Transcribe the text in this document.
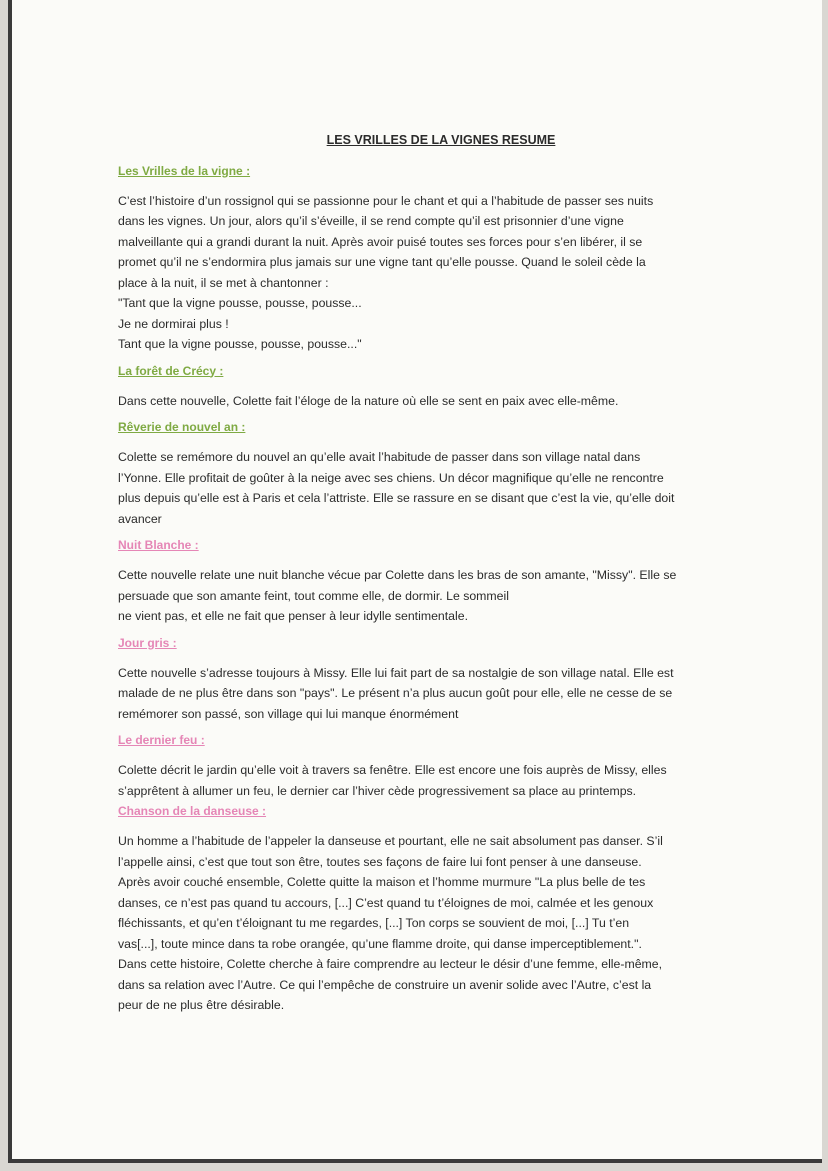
LES VRILLES DE LA VIGNES RESUME
Les Vrilles de la vigne :
C’est l’histoire d’un rossignol qui se passionne pour le chant et qui a l’habitude de passer ses nuits
dans les vignes. Un jour, alors qu’il s’éveille, il se rend compte qu’il est prisonnier d’une vigne
malveillante qui a grandi durant la nuit. Après avoir puisé toutes ses forces pour s’en libérer, il se
promet qu’il ne s’endormira plus jamais sur une vigne tant qu’elle pousse. Quand le soleil cède la
place à la nuit, il se met à chantonner :
"Tant que la vigne pousse, pousse, pousse...
Je ne dormirai plus !
Tant que la vigne pousse, pousse, pousse..."
La forêt de Crécy :
Dans cette nouvelle, Colette fait l’éloge de la nature où elle se sent en paix avec elle-même.
Rêverie de nouvel an :
Colette se remémore du nouvel an qu’elle avait l’habitude de passer dans son village natal dans
l’Yonne. Elle profitait de goûter à la neige avec ses chiens. Un décor magnifique qu’elle ne rencontre
plus depuis qu’elle est à Paris et cela l’attriste. Elle se rassure en se disant que c’est la vie, qu’elle doit
avancer
Nuit Blanche :
Cette nouvelle relate une nuit blanche vécue par Colette dans les bras de son amante, "Missy". Elle se
persuade que son amante feint, tout comme elle, de dormir. Le sommeil
ne vient pas, et elle ne fait que penser à leur idylle sentimentale.
Jour gris :
Cette nouvelle s’adresse toujours à Missy. Elle lui fait part de sa nostalgie de son village natal. Elle est
malade de ne plus être dans son "pays". Le présent n’a plus aucun goût pour elle, elle ne cesse de se
remémorer son passé, son village qui lui manque énormément
Le dernier feu :
Colette décrit le jardin qu’elle voit à travers sa fenêtre. Elle est encore une fois auprès de Missy, elles
s’apprêtent à allumer un feu, le dernier car l’hiver cède progressivement sa place au printemps.
Chanson de la danseuse :
Un homme a l’habitude de l’appeler la danseuse et pourtant, elle ne sait absolument pas danser. S’il
l’appelle ainsi, c’est que tout son être, toutes ses façons de faire lui font penser à une danseuse.
Après avoir couché ensemble, Colette quitte la maison et l’homme murmure "La plus belle de tes
danses, ce n’est pas quand tu accours, [...] C’est quand tu t’éloignes de moi, calmée et les genoux
fléchissants, et qu’en t’éloignant tu me regardes, [...] Ton corps se souvient de moi, [...] Tu t’en
vas[...], toute mince dans ta robe orangée, qu’une flamme droite, qui danse imperceptiblement.".
Dans cette histoire, Colette cherche à faire comprendre au lecteur le désir d’une femme, elle-même,
dans sa relation avec l’Autre. Ce qui l’empêche de construire un avenir solide avec l’Autre, c’est la
peur de ne plus être désirable.
